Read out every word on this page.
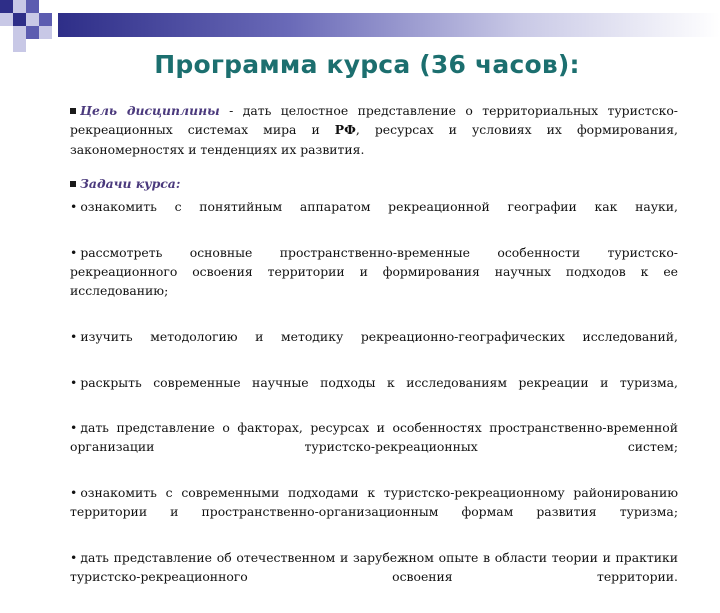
Программа курса (36 часов):

Цель дисциплины - дать целостное представление о территориальных туристско-рекреационных системах мира и РФ, ресурсах и условиях их формирования, закономерностях и тенденциях их развития.

Задачи курса:

• ознакомить с понятийным аппаратом рекреационной географии как науки,

• рассмотреть основные пространственно-временные особенности туристско-рекреационного освоения территории и формирования научных подходов к ее исследованию;

• изучить методологию и методику рекреационно-географических исследований,

• раскрыть современные научные подходы к исследованиям рекреации и туризма,

• дать представление о факторах, ресурсах и особенностях пространственно-временной организации туристско-рекреационных систем;

• ознакомить с современными подходами к туристско-рекреационному районированию территории и пространственно-организационным формам развития туризма;

• дать представление об отечественном и зарубежном опыте в области теории и практики туристско-рекреационного освоения территории.
